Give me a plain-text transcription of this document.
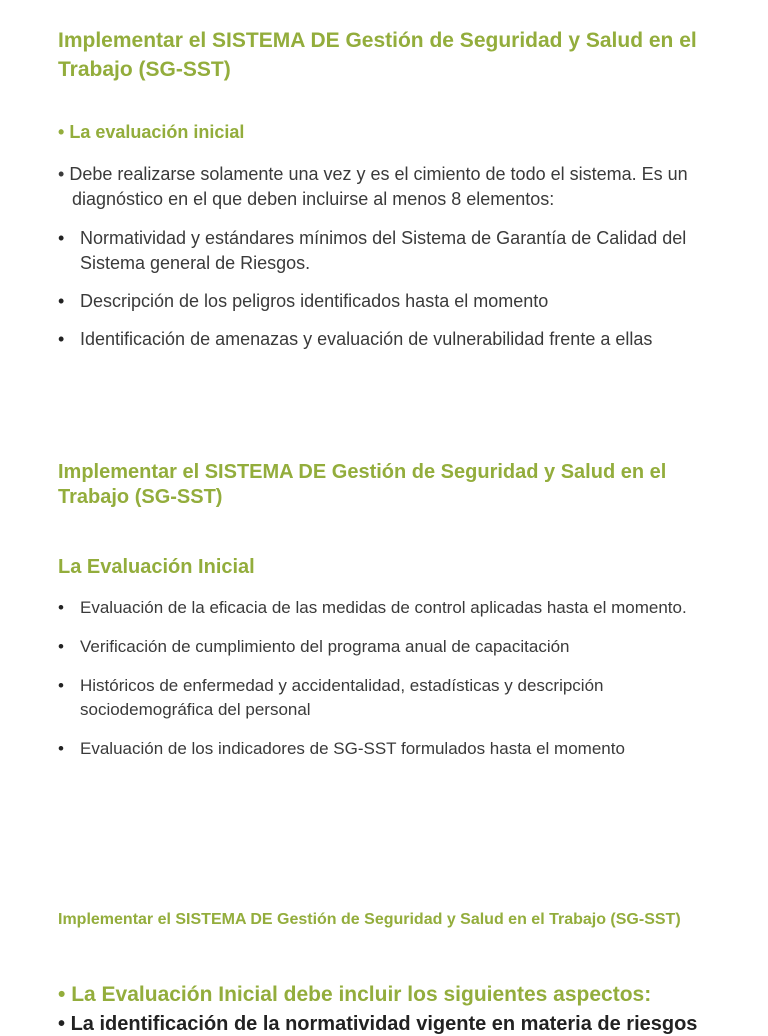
Implementar el SISTEMA DE Gestión de Seguridad y Salud en el Trabajo (SG-SST)

• La evaluación inicial

• Debe realizarse solamente una vez y es el cimiento de todo el sistema. Es un diagnóstico en el que deben incluirse al menos 8 elementos:

• Normatividad y estándares mínimos del Sistema de Garantía de Calidad del Sistema general de Riesgos.
• Descripción de los peligros identificados hasta el momento
• Identificación de amenazas y evaluación de vulnerabilidad frente a ellas
Implementar el SISTEMA DE Gestión de Seguridad y Salud en el Trabajo (SG-SST)

La Evaluación Inicial

• Evaluación de la eficacia de las medidas de control aplicadas hasta el momento.
• Verificación de cumplimiento del programa anual de capacitación
• Históricos de enfermedad y accidentalidad, estadísticas y descripción sociodemográfica del personal
• Evaluación de los indicadores de SG-SST formulados hasta el momento
Implementar el SISTEMA DE Gestión de Seguridad y Salud en el Trabajo (SG-SST)

• La Evaluación Inicial debe incluir los siguientes aspectos:

• La identificación de la normatividad vigente en materia de riesgos
